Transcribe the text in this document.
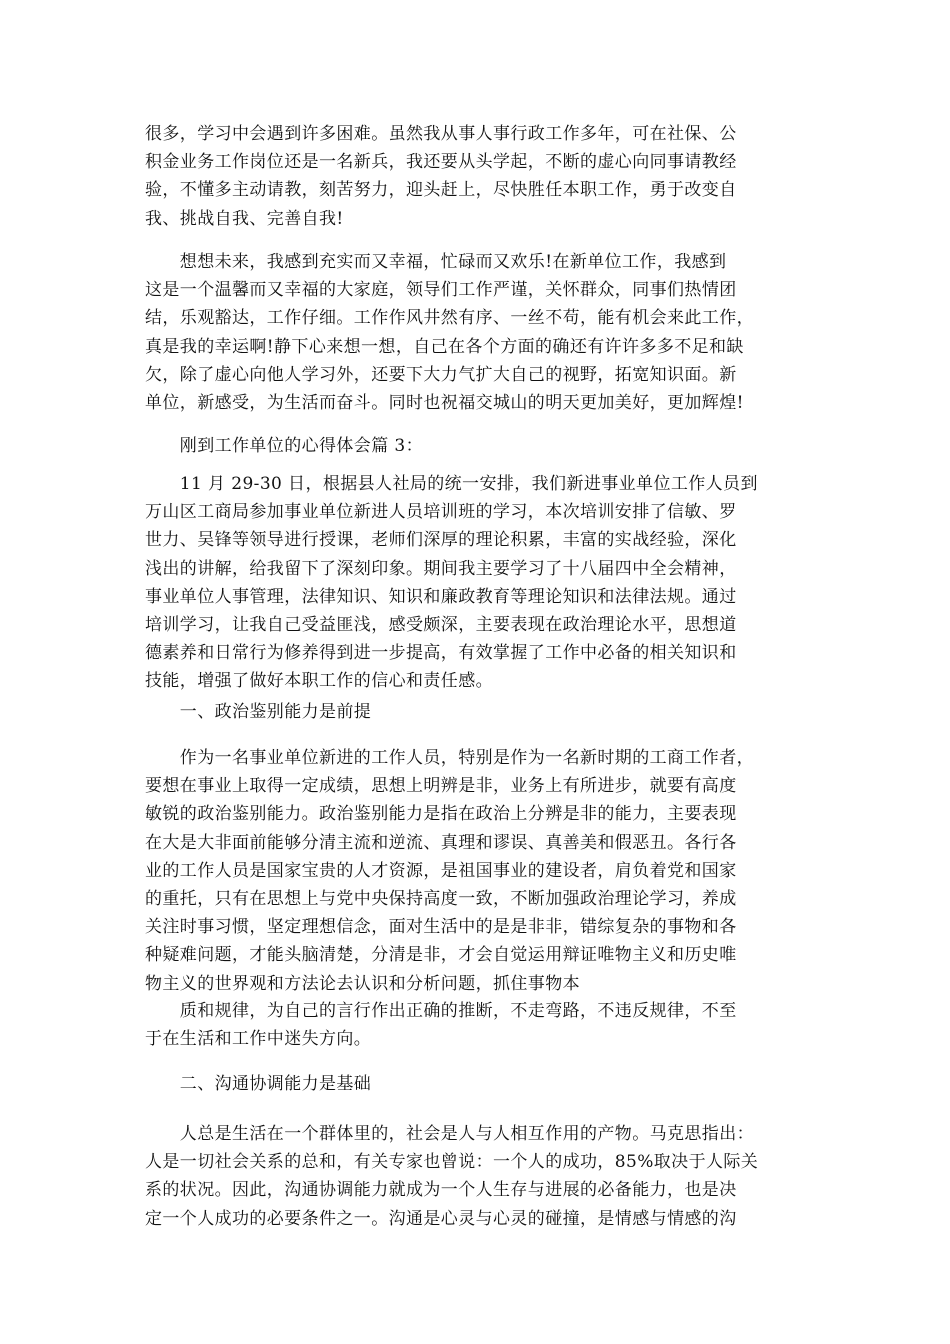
很多，学习中会遇到许多困难。虽然我从事人事行政工作多年，可在社保、公
积金业务工作岗位还是一名新兵，我还要从头学起，不断的虚心向同事请教经
验，不懂多主动请教，刻苦努力，迎头赶上，尽快胜任本职工作，勇于改变自
我、挑战自我、完善自我!

　　想想未来，我感到充实而又幸福，忙碌而又欢乐!在新单位工作，我感到
这是一个温馨而又幸福的大家庭，领导们工作严谨，关怀群众，同事们热情团
结，乐观豁达，工作仔细。工作作风井然有序、一丝不苟，能有机会来此工作，
真是我的幸运啊!静下心来想一想，自己在各个方面的确还有许许多多不足和缺
欠，除了虚心向他人学习外，还要下大力气扩大自己的视野，拓宽知识面。新
单位，新感受，为生活而奋斗。同时也祝福交城山的明天更加美好，更加辉煌!

　　刚到工作单位的心得体会篇 3：

　　11 月 29-30 日，根据县人社局的统一安排，我们新进事业单位工作人员到
万山区工商局参加事业单位新进人员培训班的学习，本次培训安排了信敏、罗
世力、吴锋等领导进行授课，老师们深厚的理论积累，丰富的实战经验，深化
浅出的讲解，给我留下了深刻印象。期间我主要学习了十八届四中全会精神，
事业单位人事管理，法律知识、知识和廉政教育等理论知识和法律法规。通过
培训学习，让我自己受益匪浅，感受颇深，主要表现在政治理论水平，思想道
德素养和日常行为修养得到进一步提高，有效掌握了工作中必备的相关知识和
技能，增强了做好本职工作的信心和责任感。

　　一、政治鉴别能力是前提

　　作为一名事业单位新进的工作人员，特别是作为一名新时期的工商工作者，
要想在事业上取得一定成绩，思想上明辨是非，业务上有所进步，就要有高度
敏锐的政治鉴别能力。政治鉴别能力是指在政治上分辨是非的能力，主要表现
在大是大非面前能够分清主流和逆流、真理和谬误、真善美和假恶丑。各行各
业的工作人员是国家宝贵的人才资源，是祖国事业的建设者，肩负着党和国家
的重托，只有在思想上与党中央保持高度一致，不断加强政治理论学习，养成
关注时事习惯，坚定理想信念，面对生活中的是是非非，错综复杂的事物和各
种疑难问题，才能头脑清楚，分清是非，才会自觉运用辩证唯物主义和历史唯
物主义的世界观和方法论去认识和分析问题，抓住事物本

　　质和规律，为自己的言行作出正确的推断，不走弯路，不违反规律，不至
于在生活和工作中迷失方向。

　　二、沟通协调能力是基础

　　人总是生活在一个群体里的，社会是人与人相互作用的产物。马克思指出：
人是一切社会关系的总和，有关专家也曾说：一个人的成功，85%取决于人际关
系的状况。因此，沟通协调能力就成为一个人生存与进展的必备能力，也是决
定一个人成功的必要条件之一。沟通是心灵与心灵的碰撞，是情感与情感的沟
